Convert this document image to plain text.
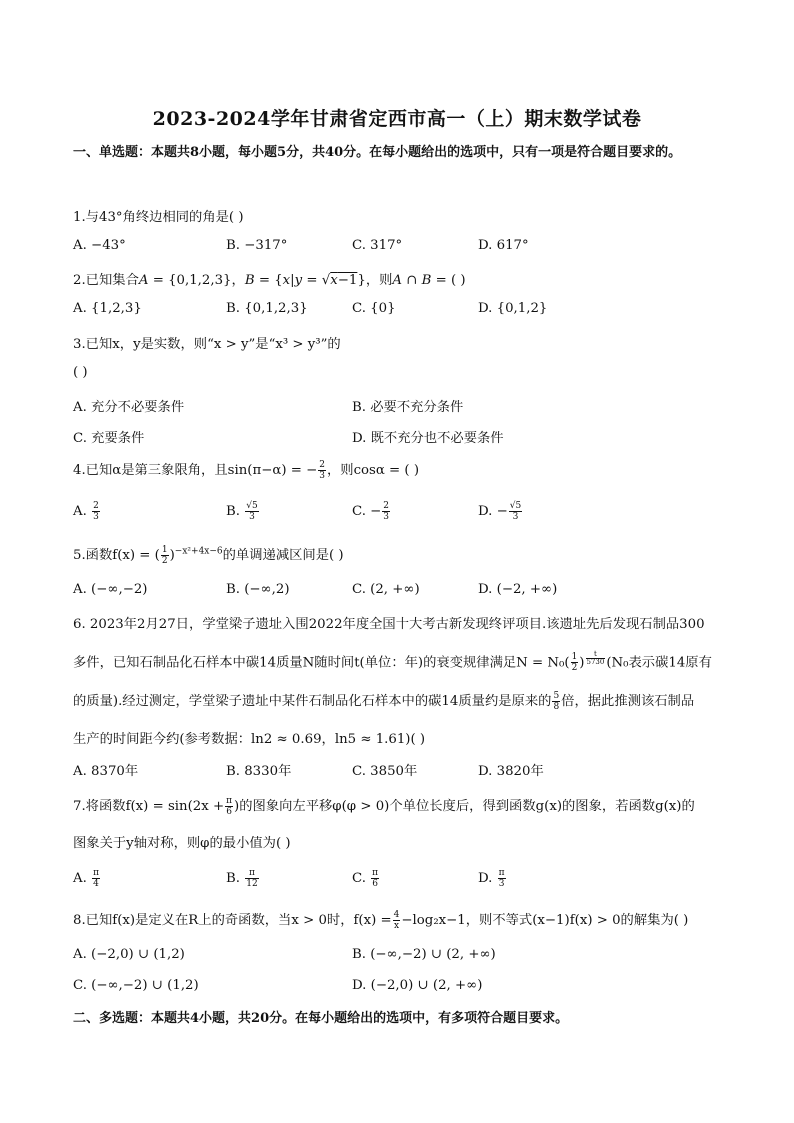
2023-2024学年甘肃省定西市高一（上）期末数学试卷
一、单选题：本题共8小题，每小题5分，共40分。在每小题给出的选项中，只有一项是符合题目要求的。
1.与43°角终边相同的角是( )
A. −43°	B. −317°	C. 317°	D. 617°
2.已知集合A = {0,1,2,3}，B = {x|y = √x−1}，则A ∩ B = ( )
A. {1,2,3}	B. {0,1,2,3}	C. {0}	D. {0,1,2}
3.已知x，y是实数，则“x > y”是“x³ > y³”的
( )
A. 充分不必要条件	B. 必要不充分条件
C. 充要条件	D. 既不充分也不必要条件
4.已知α是第三象限角，且sin(π−α) = − $\frac{2}{3}$ ，则cosα = ( )
A. $\frac{2}{3}$	B. $\frac{√5}{3}$	C. − $\frac{2}{3}$	D. − $\frac{√5}{3}$
5.函数f(x) = ( $\frac{1}{2} )^{-x^2+4x-6}$的单调递减区间是( )
A. (−∞,−2)	B. (−∞,2)	C. (2, +∞)	D. (−2, +∞)
6. 2023年2月27日，学堂梁子遗址入围2022年度全国十大考古新发现终评项目.该遗址先后发现石制品300
多件，已知石制品化石样本中碳14质量N随时间t(单位：年)的衰变规律满足$N = N_0( \frac{1}{2}$ ) $^{\frac{t}{5730}}$ (N₀表示碳14原有
的质量).经过测定，学堂梁子遗址中某件石制品化石样本中的碳14质量约是原来的 $\frac{5}{8}$ 倍，据此推测该石制品
生产的时间距今约(参考数据：ln2 ≈ 0.69，ln5 ≈ 1.61)( )
A. 8370年	B. 8330年	C. 3850年	D. 3820年
7.将函数$f(x) = \sin(2x + \frac{\pi}{6}$ )的图象向左平移φ(φ > 0)个单位长度后，得到函数g(x)的图象，若函数g(x)的
图象关于y轴对称，则φ的最小值为( )
A. $\frac{\pi}{4}$	B. $\frac{\pi}{12}$	C. $\frac{\pi}{6}$	D. $\frac{\pi}{3}$
8.已知f(x)是定义在R上的奇函数，当x > 0时，$f(x) = \frac{4}{x} -\log_2x-1$，则不等式(x−1)f(x) > 0的解集为( )
A. (−2,0) ∪ (1,2)	B. (−∞,−2) ∪ (2, +∞)
C. (−∞,−2) ∪ (1,2)	D. (−2,0) ∪ (2, +∞)
二、多选题：本题共4小题，共20分。在每小题给出的选项中，有多项符合题目要求。
